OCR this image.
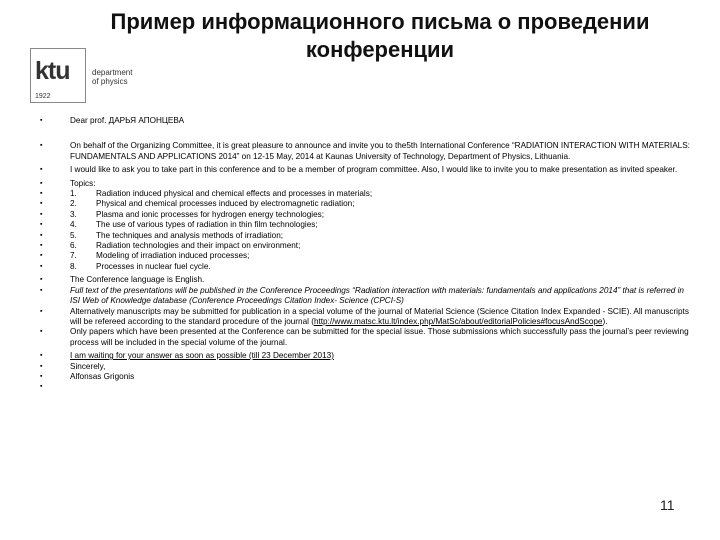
Пример информационного письма о проведении
конференции
ktu
1922
department
of physics
▪ Dear prof. ДАРЬЯ АПОНЦЕВА
▪ On behalf of the Organizing Committee, it is great pleasure to announce and invite you to the5th International Conference “RADIATION INTERACTION WITH MATERIALS: FUNDAMENTALS AND APPLICATIONS 2014” on 12-15 May, 2014 at Kaunas University of Technology, Department of Physics, Lithuania.
▪ I would like to ask you to take part in this conference and to be a member of program committee. Also, I would like to invite you to make presentation as invited speaker.
▪ Topics:
▪ 1. Radiation induced physical and chemical effects and processes in materials;
▪ 2. Physical and chemical processes induced by electromagnetic radiation;
▪ 3. Plasma and ionic processes for hydrogen energy technologies;
▪ 4. The use of various types of radiation in thin film technologies;
▪ 5. The techniques and analysis methods of irradiation;
▪ 6. Radiation technologies and their impact on environment;
▪ 7. Modeling of irradiation induced processes;
▪ 8. Processes in nuclear fuel cycle.
▪ The Conference language is English.
▪ Full text of the presentations will be published in the Conference Proceedings “Radiation interaction with materials: fundamentals and applications 2014” that is referred in ISI Web of Knowledge database (Conference Proceedings Citation Index- Science (CPCI-S)
▪ Alternatively manuscripts may be submitted for publication in a special volume of the journal of Material Science (Science Citation Index Expanded - SCIE). All manuscripts will be refereed according to the standard procedure of the journal (http://www.matsc.ktu.lt/index.php/MatSc/about/editorialPolicies#focusAndScope).
▪ Only papers which have been presented at the Conference can be submitted for the special issue. Those submissions which successfully pass the journal’s peer reviewing process will be included in the special volume of the journal.
▪ I am waiting for your answer as soon as possible (till 23 December 2013)
▪ Sincerely,
▪ Alfonsas Grigonis
11
